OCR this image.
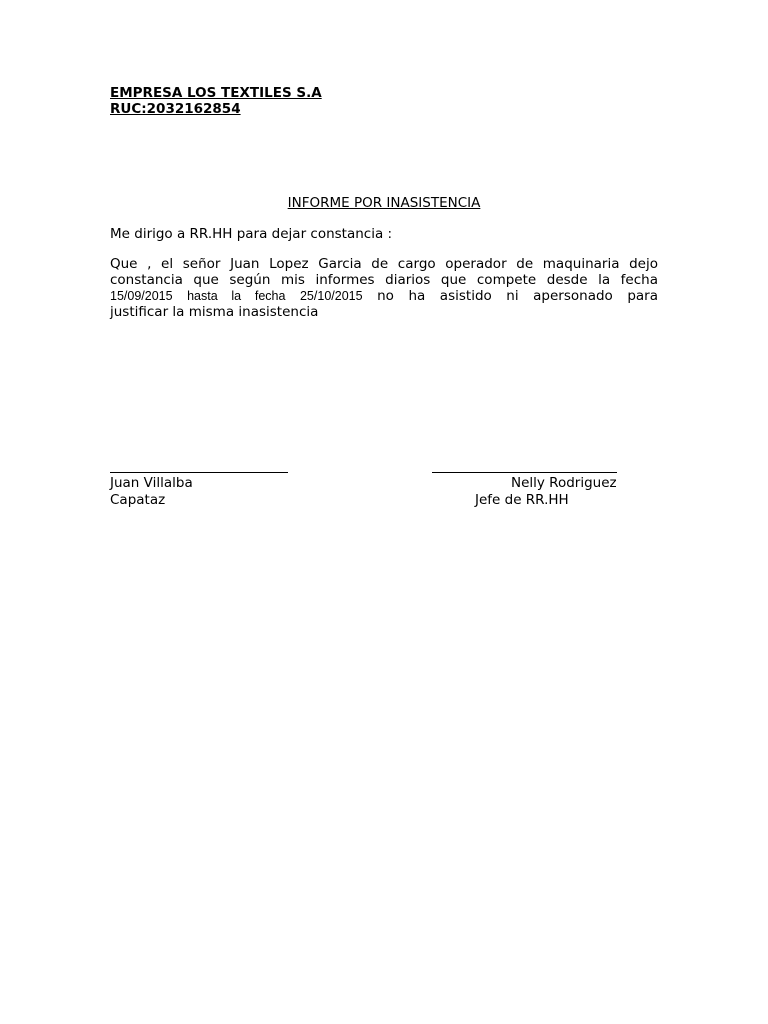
EMPRESA LOS TEXTILES S.A
RUC:2032162854
INFORME POR INASISTENCIA
Me dirigo a RR.HH para dejar constancia :
Que , el señor Juan Lopez Garcia de cargo operador de maquinaria dejo
constancia que según mis informes diarios que compete desde la fecha
15/09/2015 hasta la fecha 25/10/2015 no ha asistido ni apersonado para
justificar la misma inasistencia
Juan Villalba
Capataz
Nelly Rodriguez
Jefe de RR.HH
